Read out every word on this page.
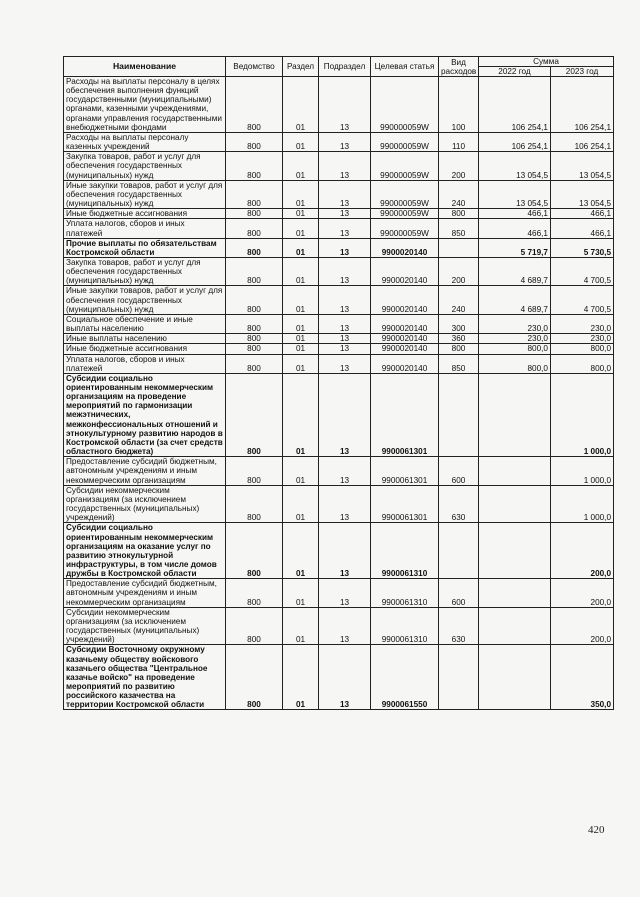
Наименование	Ведомство	Раздел	Подраздел	Целевая статья	Вид расходов	Сумма	
						2022 год	2023 год
Расходы на выплаты персоналу в целях обеспечения выполнения функций государственными (муниципальными) органами, казенными учреждениями, органами управления государственными внебюджетными фондами	800	01	13	990000059W	100	106 254,1	106 254,1
Расходы на выплаты персоналу казенных учреждений	800	01	13	990000059W	110	106 254,1	106 254,1
Закупка товаров, работ и услуг для обеспечения государственных (муниципальных) нужд	800	01	13	990000059W	200	13 054,5	13 054,5
Иные закупки товаров, работ и услуг для обеспечения государственных (муниципальных) нужд	800	01	13	990000059W	240	13 054,5	13 054,5
Иные бюджетные ассигнования	800	01	13	990000059W	800	466,1	466,1
Уплата налогов, сборов и иных платежей	800	01	13	990000059W	850	466,1	466,1
Прочие выплаты по обязательствам Костромской области	800	01	13	9900020140		5 719,7	5 730,5
Закупка товаров, работ и услуг для обеспечения государственных (муниципальных) нужд	800	01	13	9900020140	200	4 689,7	4 700,5
Иные закупки товаров, работ и услуг для обеспечения государственных (муниципальных) нужд	800	01	13	9900020140	240	4 689,7	4 700,5
Социальное обеспечение и иные выплаты населению	800	01	13	9900020140	300	230,0	230,0
Иные выплаты населению	800	01	13	9900020140	360	230,0	230,0
Иные бюджетные ассигнования	800	01	13	9900020140	800	800,0	800,0
Уплата налогов, сборов и иных платежей	800	01	13	9900020140	850	800,0	800,0
Субсидии социально ориентированным некоммерческим организациям на проведение мероприятий по гармонизации межэтнических, межконфессиональных отношений и этнокультурному развитию народов в Костромской области (за счет средств областного бюджета)	800	01	13	9900061301			1 000,0
Предоставление субсидий бюджетным, автономным учреждениям и иным некоммерческим организациям	800	01	13	9900061301	600		1 000,0
Субсидии некоммерческим организациям (за исключением государственных (муниципальных) учреждений)	800	01	13	9900061301	630		1 000,0
Субсидии социально ориентированным некоммерческим организациям на оказание услуг по развитию этнокультурной инфраструктуры, в том числе домов дружбы в Костромской области	800	01	13	9900061310			200,0
Предоставление субсидий бюджетным, автономным учреждениям и иным некоммерческим организациям	800	01	13	9900061310	600		200,0
Субсидии некоммерческим организациям (за исключением государственных (муниципальных) учреждений)	800	01	13	9900061310	630		200,0
Субсидии Восточному окружному казачьему обществу войскового казачьего общества "Центральное казачье войско" на проведение мероприятий по развитию российского казачества на территории Костромской области	800	01	13	9900061550			350,0
420
